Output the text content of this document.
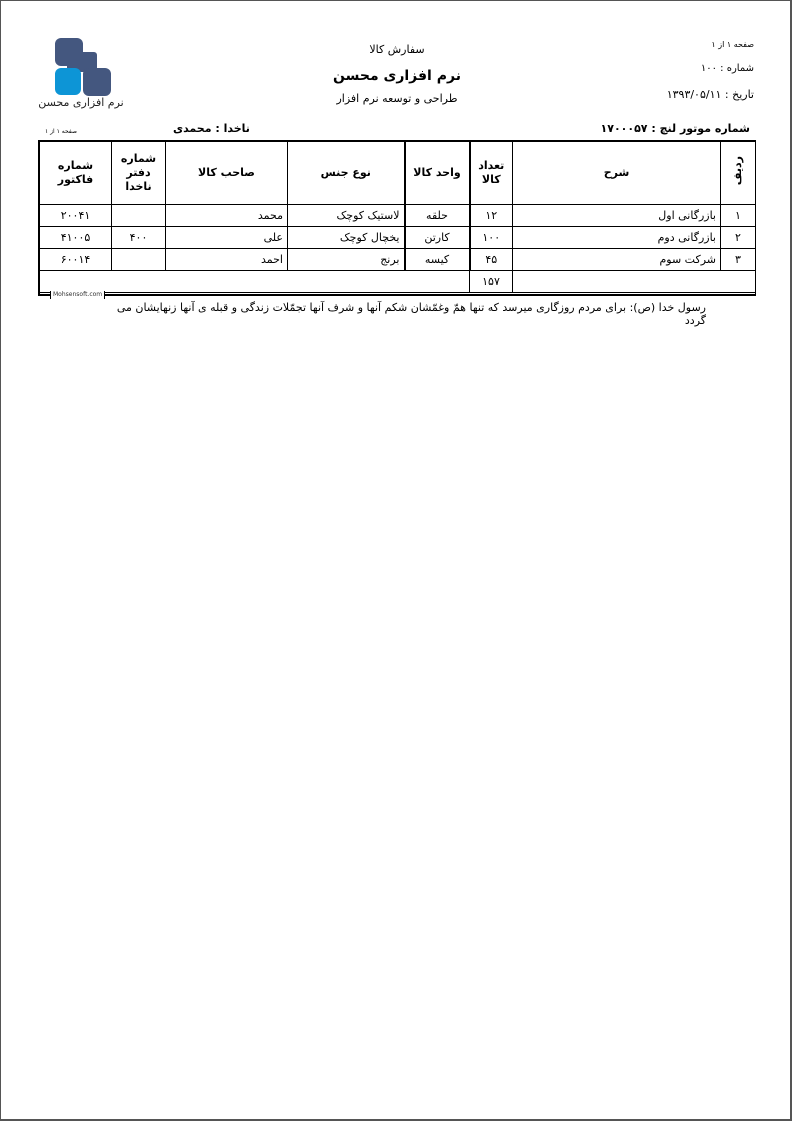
نرم افزاری محسن
سفارش کالا
نرم افزاری محسن
طراحی و توسعه نرم افزار
صفحه ۱ از ۱
شماره : ۱۰۰
تاریخ : ۱۳۹۳/۰۵/۱۱
شماره موتور لنچ : ۱۷۰۰۰۵۷
ناخدا : محمدی
صفحه ۱ از ۱
ردیف	شرح	تعداد کالا	واحد کالا	نوع جنس	صاحب کالا	شماره دفتر ناخدا	شماره فاکتور
۱	بازرگانی اول	۱۲	حلقه	لاستیک کوچک	محمد		۲۰۰۴۱
۲	بازرگانی دوم	۱۰۰	کارتن	یخچال کوچک	علی	۴۰۰	۴۱۰۰۵
۳	شرکت سوم	۴۵	کیسه	برنج	احمد		۶۰۰۱۴
		۱۵۷					
Mohsensoft.com
رسول خدا (ص): برای مردم روزگاری میرسد که تنها همّ وغمّشان شکم آنها و شرف آنها تجمّلات زندگی و قبله ی آنها زنهایشان می گردد
